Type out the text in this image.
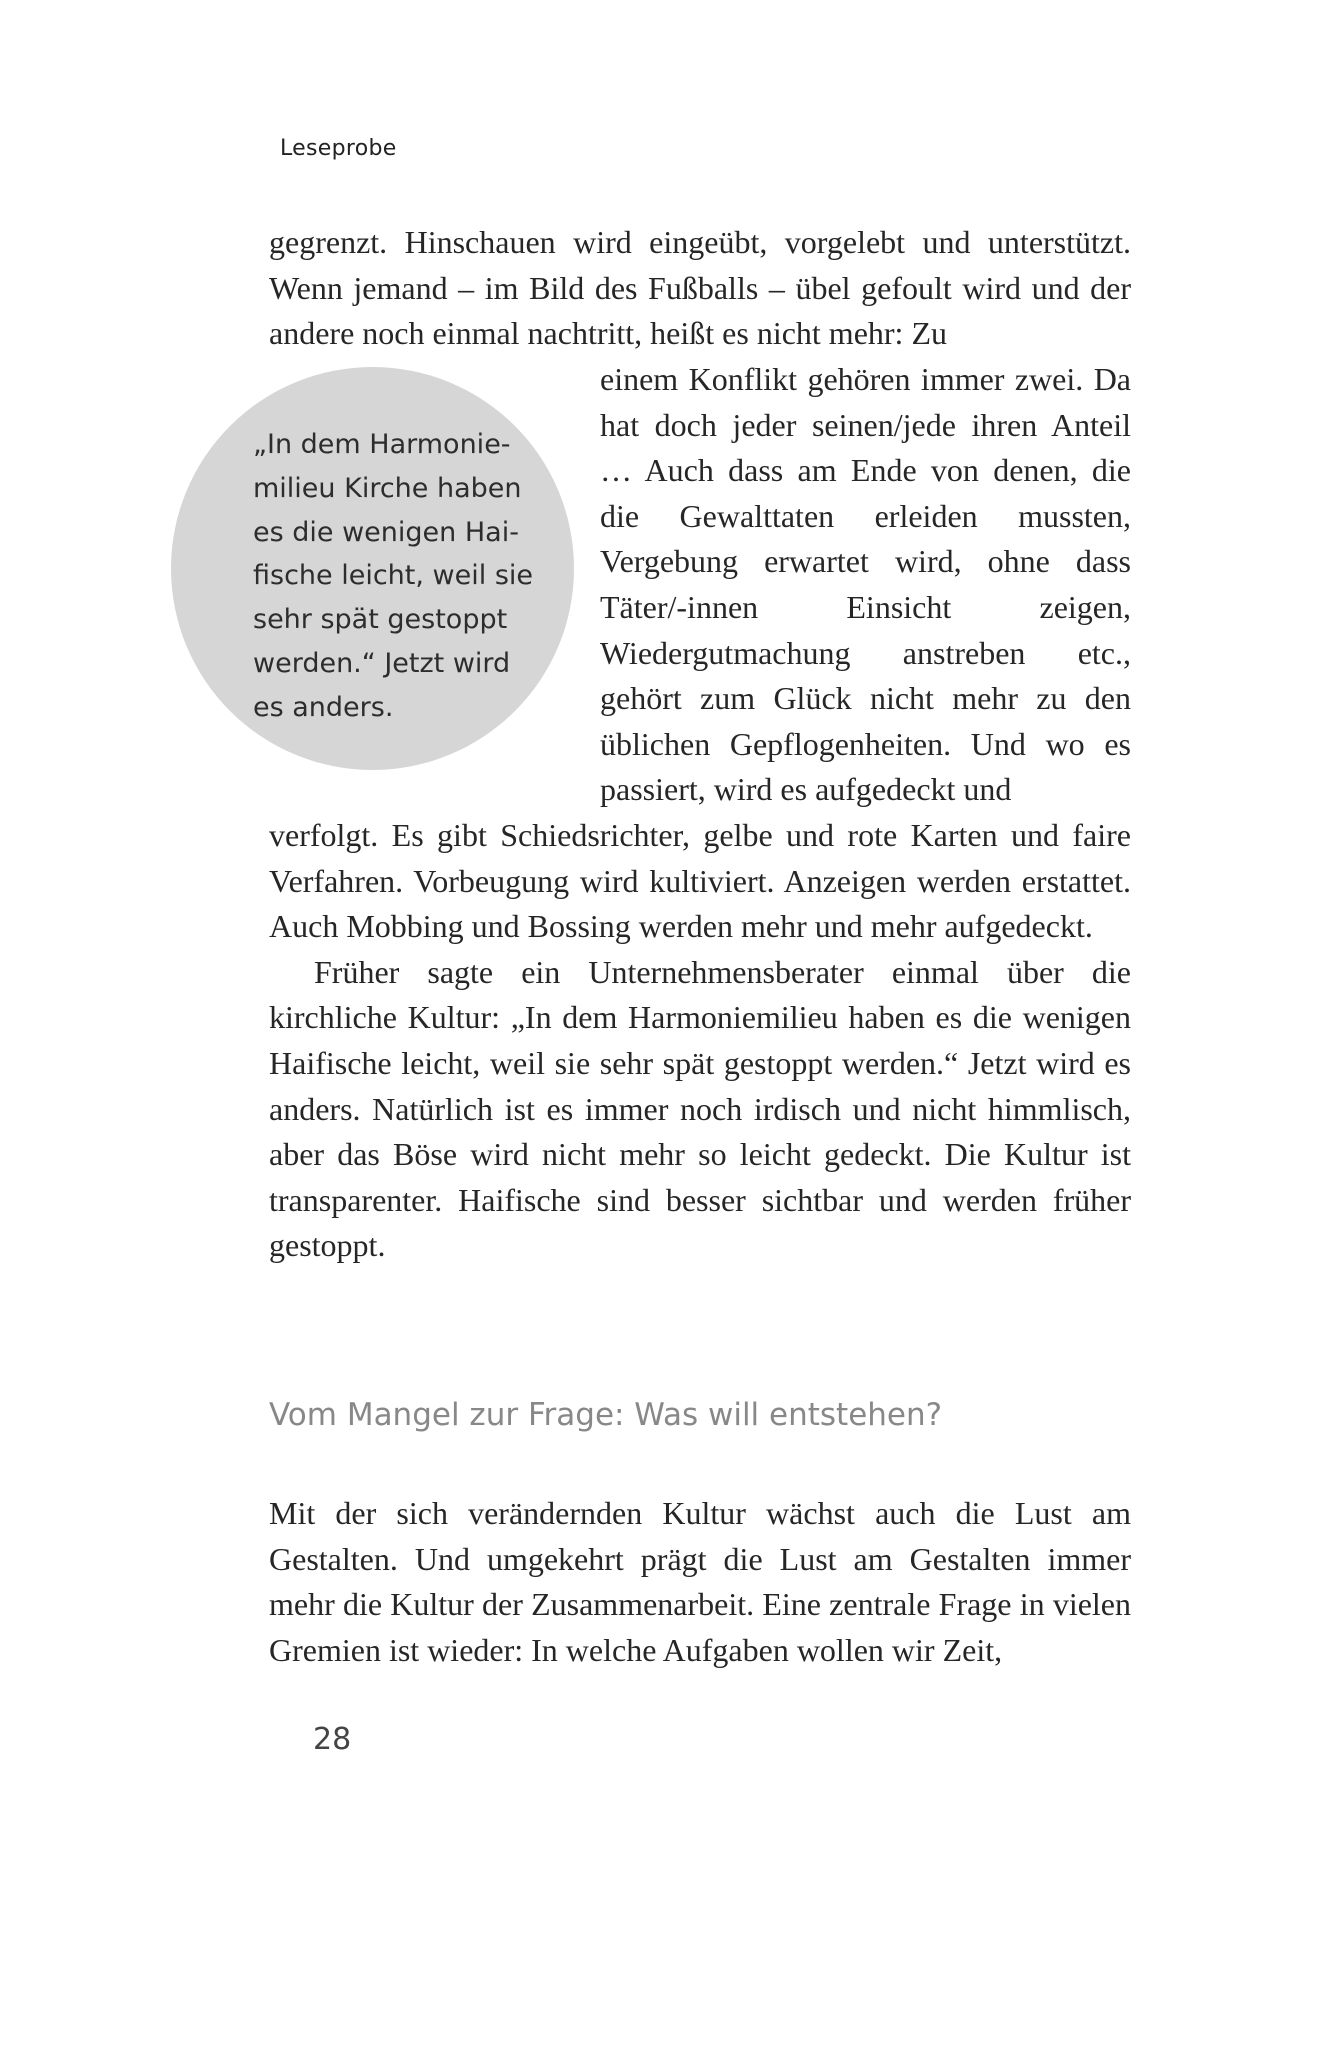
Leseprobe

gegrenzt. Hinschauen wird eingeübt, vorgelebt und unterstützt. Wenn jemand – im Bild des Fußballs – übel gefoult wird und der andere noch einmal nachtritt, heißt es nicht mehr: Zu

„In dem Harmonie-
milieu Kirche haben
es die wenigen Hai-
fische leicht, weil sie
sehr spät gestoppt
werden.“ Jetzt wird
es anders.

einem Konflikt gehören immer zwei. Da hat doch jeder seinen/jede ihren Anteil … Auch dass am Ende von denen, die die Gewalttaten erleiden mussten, Vergebung erwartet wird, ohne dass Täter/-innen Einsicht zeigen, Wiedergutmachung anstreben etc., gehört zum Glück nicht mehr zu den üblichen Gepflogenheiten. Und wo es passiert, wird es aufgedeckt und

verfolgt. Es gibt Schiedsrichter, gelbe und rote Karten und faire Verfahren. Vorbeugung wird kultiviert. Anzeigen werden erstattet. Auch Mobbing und Bossing werden mehr und mehr aufgedeckt.

Früher sagte ein Unternehmensberater einmal über die kirchliche Kultur: „In dem Harmoniemilieu haben es die wenigen Haifische leicht, weil sie sehr spät gestoppt werden.“ Jetzt wird es anders. Natürlich ist es immer noch irdisch und nicht himmlisch, aber das Böse wird nicht mehr so leicht gedeckt. Die Kultur ist transparenter. Haifische sind besser sichtbar und werden früher gestoppt.

Vom Mangel zur Frage: Was will entstehen?

Mit der sich verändernden Kultur wächst auch die Lust am Gestalten. Und umgekehrt prägt die Lust am Gestalten immer mehr die Kultur der Zusammenarbeit. Eine zentrale Frage in vielen Gremien ist wieder: In welche Aufgaben wollen wir Zeit,

28
